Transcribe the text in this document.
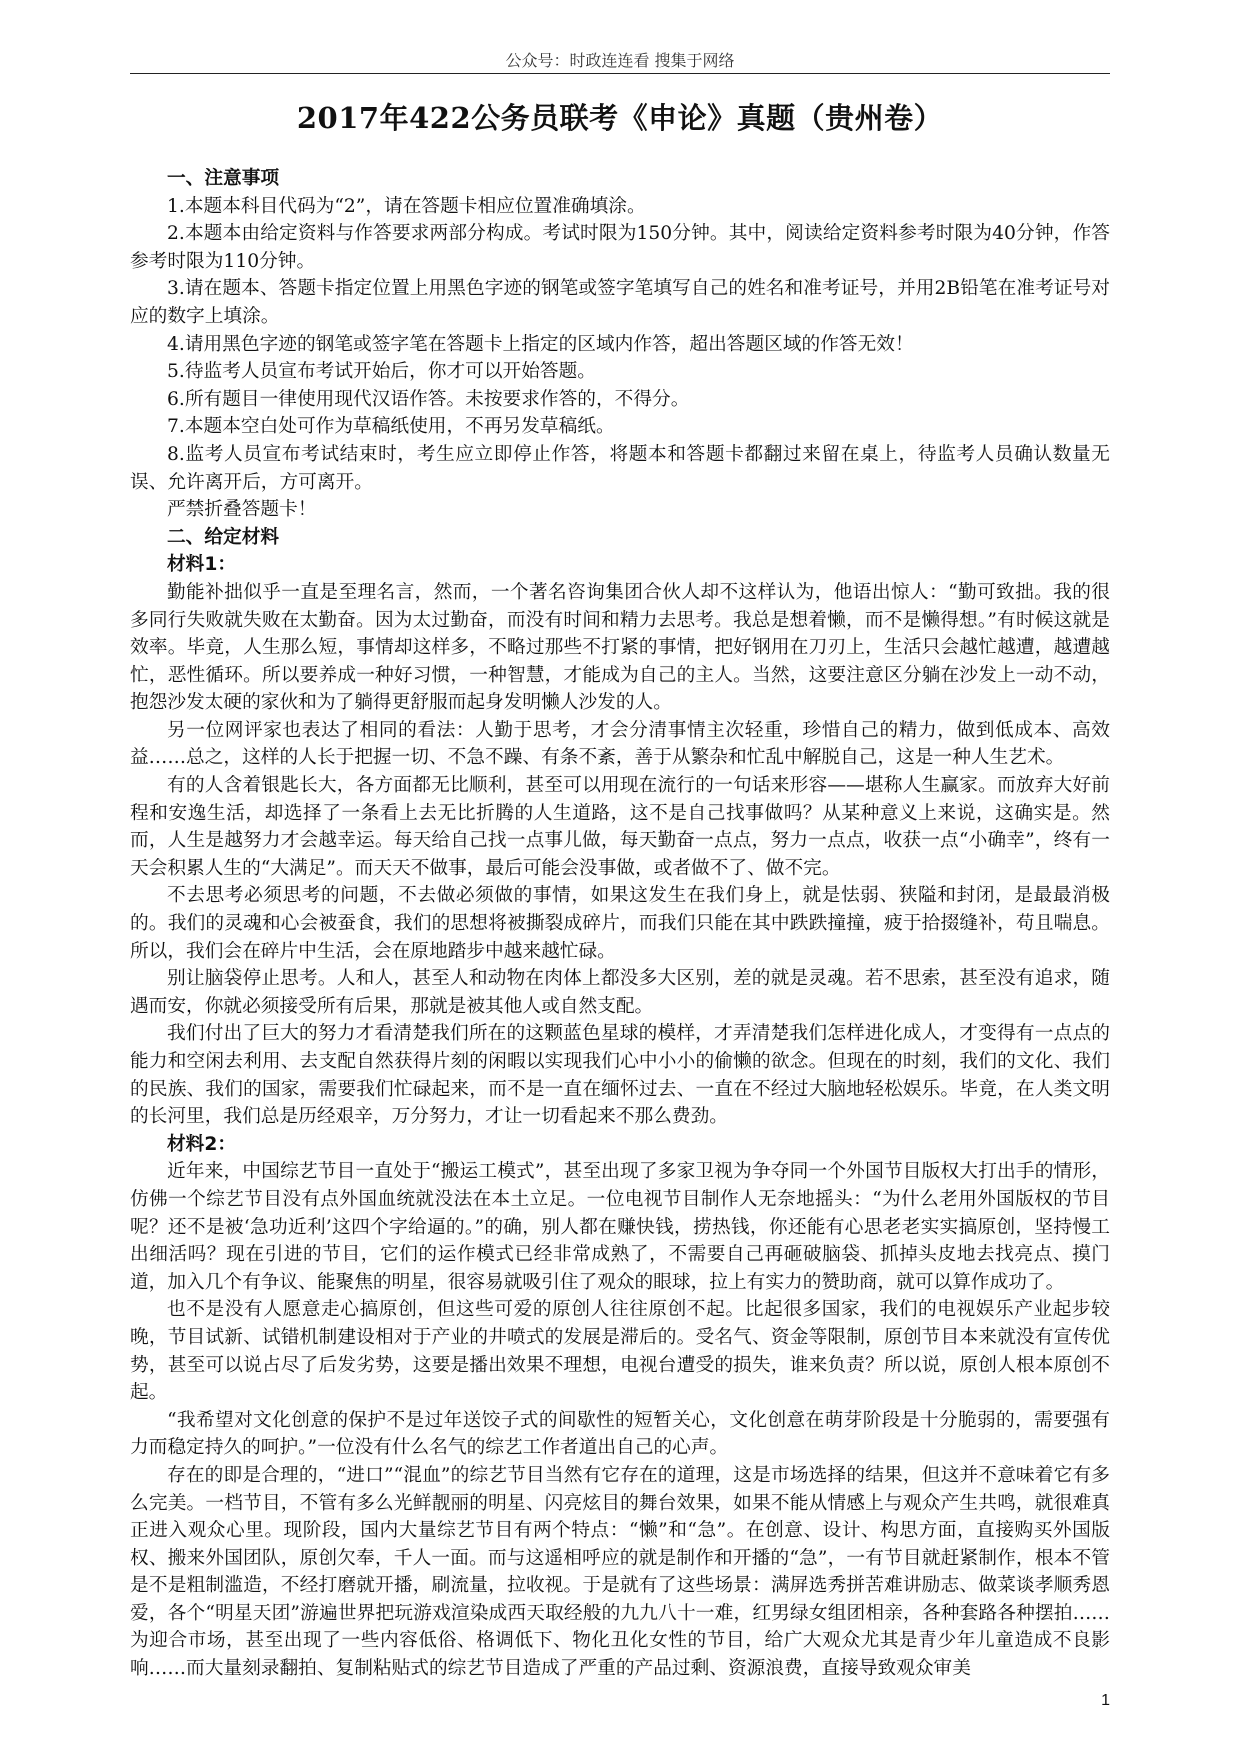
公众号：时政连连看 搜集于网络
2017年422公务员联考《申论》真题（贵州卷）

一、注意事项

1.本题本科目代码为“2”，请在答题卡相应位置准确填涂。

2.本题本由给定资料与作答要求两部分构成。考试时限为150分钟。其中，阅读给定资料参考时限为40分钟，作答参考时限为110分钟。

3.请在题本、答题卡指定位置上用黑色字迹的钢笔或签字笔填写自己的姓名和准考证号，并用2B铅笔在准考证号对应的数字上填涂。

4.请用黑色字迹的钢笔或签字笔在答题卡上指定的区域内作答，超出答题区域的作答无效！

5.待监考人员宣布考试开始后，你才可以开始答题。

6.所有题目一律使用现代汉语作答。未按要求作答的，不得分。

7.本题本空白处可作为草稿纸使用，不再另发草稿纸。

8.监考人员宣布考试结束时，考生应立即停止作答，将题本和答题卡都翻过来留在桌上，待监考人员确认数量无误、允许离开后，方可离开。

严禁折叠答题卡！

二、给定材料

材料1：

勤能补拙似乎一直是至理名言，然而，一个著名咨询集团合伙人却不这样认为，他语出惊人：“勤可致拙。我的很多同行失败就失败在太勤奋。因为太过勤奋，而没有时间和精力去思考。我总是想着懒，而不是懒得想。”有时候这就是效率。毕竟，人生那么短，事情却这样多，不略过那些不打紧的事情，把好钢用在刀刃上，生活只会越忙越遭，越遭越忙，恶性循环。所以要养成一种好习惯，一种智慧，才能成为自己的主人。当然，这要注意区分躺在沙发上一动不动，抱怨沙发太硬的家伙和为了躺得更舒服而起身发明懒人沙发的人。

另一位网评家也表达了相同的看法：人勤于思考，才会分清事情主次轻重，珍惜自己的精力，做到低成本、高效益……总之，这样的人长于把握一切、不急不躁、有条不紊，善于从繁杂和忙乱中解脱自己，这是一种人生艺术。

有的人含着银匙长大，各方面都无比顺利，甚至可以用现在流行的一句话来形容——堪称人生赢家。而放弃大好前程和安逸生活，却选择了一条看上去无比折腾的人生道路，这不是自己找事做吗？从某种意义上来说，这确实是。然而，人生是越努力才会越幸运。每天给自己找一点事儿做，每天勤奋一点点，努力一点点，收获一点“小确幸”，终有一天会积累人生的“大满足”。而天天不做事，最后可能会没事做，或者做不了、做不完。

不去思考必须思考的问题，不去做必须做的事情，如果这发生在我们身上，就是怯弱、狭隘和封闭，是最最消极的。我们的灵魂和心会被蚕食，我们的思想将被撕裂成碎片，而我们只能在其中跌跌撞撞，疲于拾掇缝补，苟且喘息。所以，我们会在碎片中生活，会在原地踏步中越来越忙碌。

别让脑袋停止思考。人和人，甚至人和动物在肉体上都没多大区别，差的就是灵魂。若不思索，甚至没有追求，随遇而安，你就必须接受所有后果，那就是被其他人或自然支配。

我们付出了巨大的努力才看清楚我们所在的这颗蓝色星球的模样，才弄清楚我们怎样进化成人，才变得有一点点的能力和空闲去利用、去支配自然获得片刻的闲暇以实现我们心中小小的偷懒的欲念。但现在的时刻，我们的文化、我们的民族、我们的国家，需要我们忙碌起来，而不是一直在缅怀过去、一直在不经过大脑地轻松娱乐。毕竟，在人类文明的长河里，我们总是历经艰辛，万分努力，才让一切看起来不那么费劲。

材料2：

近年来，中国综艺节目一直处于“搬运工模式”，甚至出现了多家卫视为争夺同一个外国节目版权大打出手的情形，仿佛一个综艺节目没有点外国血统就没法在本土立足。一位电视节目制作人无奈地摇头：“为什么老用外国版权的节目呢？还不是被‘急功近利’这四个字给逼的。”的确，别人都在赚快钱，捞热钱，你还能有心思老老实实搞原创，坚持慢工出细活吗？现在引进的节目，它们的运作模式已经非常成熟了，不需要自己再砸破脑袋、抓掉头皮地去找亮点、摸门道，加入几个有争议、能聚焦的明星，很容易就吸引住了观众的眼球，拉上有实力的赞助商，就可以算作成功了。

也不是没有人愿意走心搞原创，但这些可爱的原创人往往原创不起。比起很多国家，我们的电视娱乐产业起步较晚，节目试新、试错机制建设相对于产业的井喷式的发展是滞后的。受名气、资金等限制，原创节目本来就没有宣传优势，甚至可以说占尽了后发劣势，这要是播出效果不理想，电视台遭受的损失，谁来负责？所以说，原创人根本原创不起。

“我希望对文化创意的保护不是过年送饺子式的间歇性的短暂关心，文化创意在萌芽阶段是十分脆弱的，需要强有力而稳定持久的呵护。”一位没有什么名气的综艺工作者道出自己的心声。

存在的即是合理的，“进口”“混血”的综艺节目当然有它存在的道理，这是市场选择的结果，但这并不意味着它有多么完美。一档节目，不管有多么光鲜靓丽的明星、闪亮炫目的舞台效果，如果不能从情感上与观众产生共鸣，就很难真正进入观众心里。现阶段，国内大量综艺节目有两个特点：“懒”和“急”。在创意、设计、构思方面，直接购买外国版权、搬来外国团队，原创欠奉，千人一面。而与这遥相呼应的就是制作和开播的“急”，一有节目就赶紧制作，根本不管是不是粗制滥造，不经打磨就开播，刷流量，拉收视。于是就有了这些场景：满屏选秀拼苦难讲励志、做菜谈孝顺秀恩爱，各个“明星天团”游遍世界把玩游戏渲染成西天取经般的九九八十一难，红男绿女组团相亲，各种套路各种摆拍……为迎合市场，甚至出现了一些内容低俗、格调低下、物化丑化女性的节目，给广大观众尤其是青少年儿童造成不良影响……而大量刻录翻拍、复制粘贴式的综艺节目造成了严重的产品过剩、资源浪费，直接导致观众审美

1
